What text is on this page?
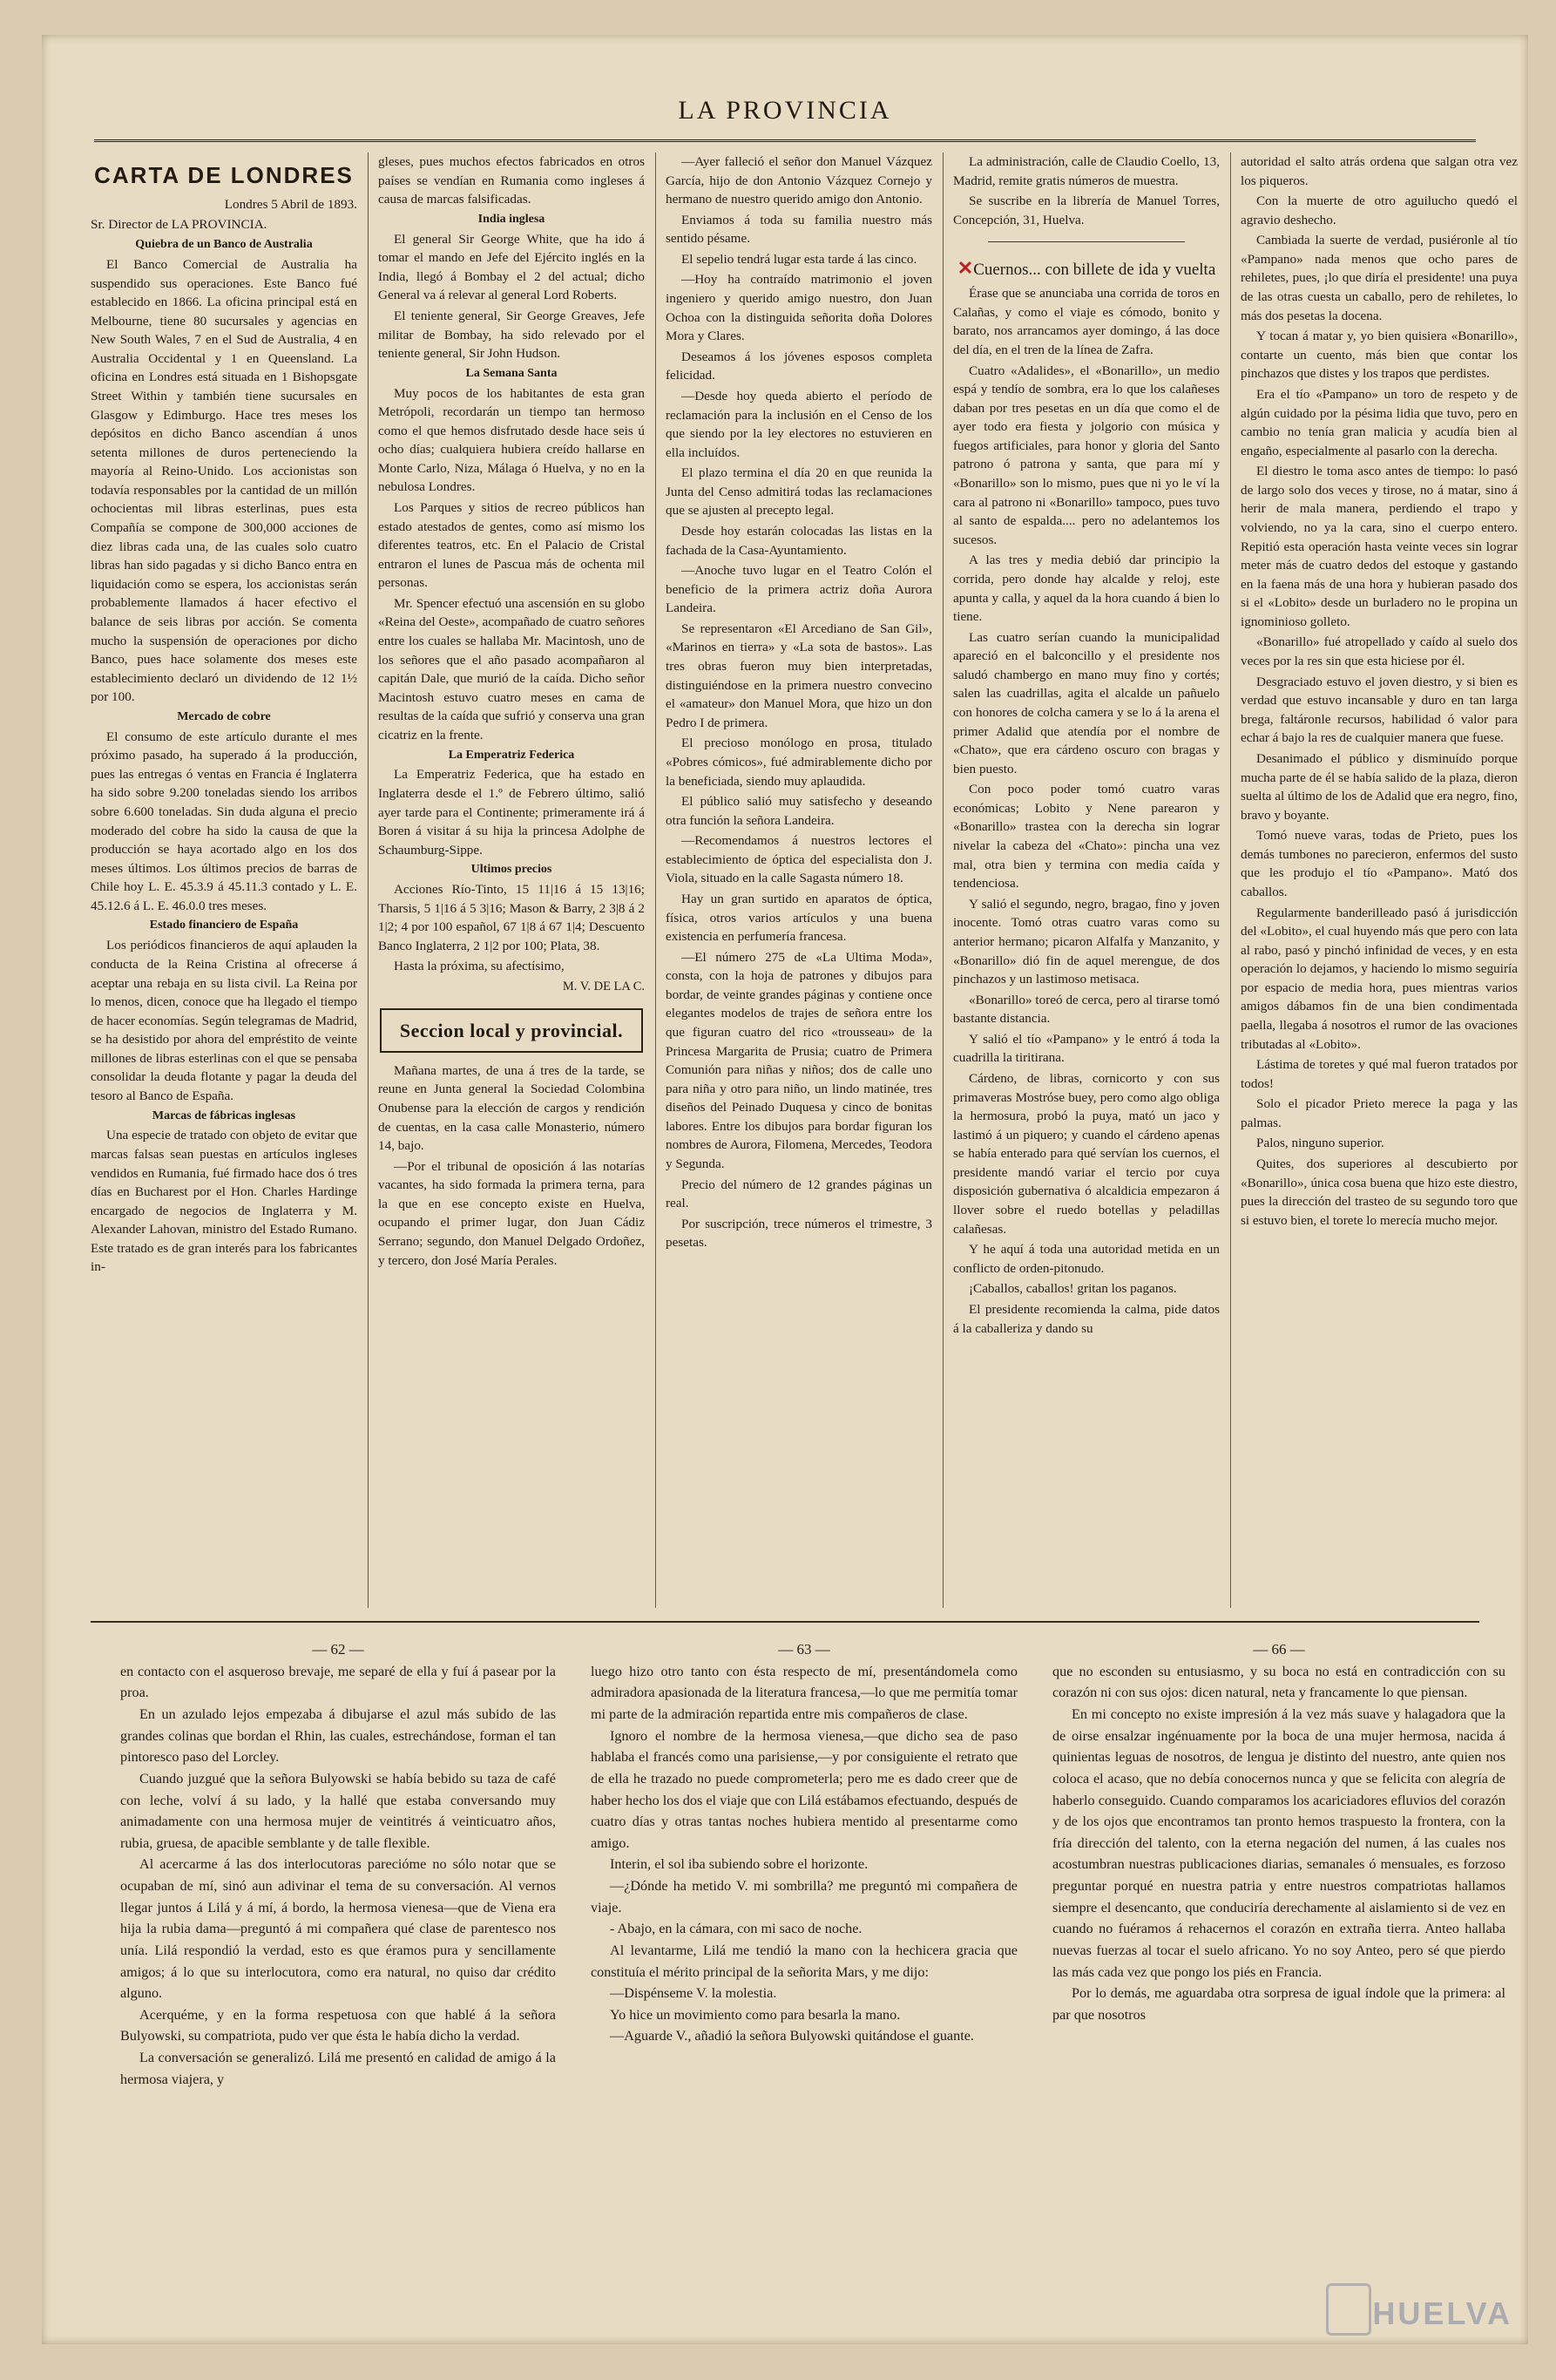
LA PROVINCIA
CARTA DE LONDRES

Londres 5 Abril de 1893.

Sr. Director de LA PROVINCIA.

Quiebra de un Banco de Australia

El Banco Comercial de Australia ha suspendido sus operaciones. Este Banco fué establecido en 1866. La oficina principal está en Melbourne, tiene 80 sucursales y agencias en New South Wales, 7 en el Sud de Australia, 4 en Australia Occidental y 1 en Queensland. La oficina en Londres está situada en 1 Bishopsgate Street Within y también tiene sucursales en Glasgow y Edimburgo. Hace tres meses los depósitos en dicho Banco ascendían á unos setenta millones de duros perteneciendo la mayoría al Reino-Unido. Los accionistas son todavía responsables por la cantidad de un millón ochocientas mil libras esterlinas, pues esta Compañía se compone de 300,000 acciones de diez libras cada una, de las cuales solo cuatro libras han sido pagadas y si dicho Banco entra en liquidación como se espera, los accionistas serán probablemente llamados á hacer efectivo el balance de seis libras por acción. Se comenta mucho la suspensión de operaciones por dicho Banco, pues hace solamente dos meses este establecimiento declaró un dividendo de 12 1½ por 100.

Mercado de cobre

El consumo de este artículo durante el mes próximo pasado, ha superado á la producción, pues las entregas ó ventas en Francia é Inglaterra ha sido sobre 9.200 toneladas siendo los arribos sobre 6.600 toneladas. Sin duda alguna el precio moderado del cobre ha sido la causa de que la producción se haya acortado algo en los dos meses últimos. Los últimos precios de barras de Chile hoy L. E. 45.3.9 á 45.11.3 contado y L. E. 45.12.6 á L. E. 46.0.0 tres meses.

Estado financiero de España

Los periódicos financieros de aquí aplauden la conducta de la Reina Cristina al ofrecerse á aceptar una rebaja en su lista civil. La Reina por lo menos, dicen, conoce que ha llegado el tiempo de hacer economías. Según telegramas de Madrid, se ha desistido por ahora del empréstito de veinte millones de libras esterlinas con el que se pensaba consolidar la deuda flotante y pagar la deuda del tesoro al Banco de España.

Marcas de fábricas inglesas

Una especie de tratado con objeto de evitar que marcas falsas sean puestas en artículos ingleses vendidos en Rumania, fué firmado hace dos ó tres días en Bucharest por el Hon. Charles Hardinge encargado de negocios de Inglaterra y M. Alexander Lahovan, ministro del Estado Rumano. Este tratado es de gran interés para los fabricantes in-

gleses, pues muchos efectos fabricados en otros países se vendían en Rumania como ingleses á causa de marcas falsificadas.

India inglesa

El general Sir George White, que ha ido á tomar el mando en Jefe del Ejército inglés en la India, llegó á Bombay el 2 del actual; dicho General va á relevar al general Lord Roberts.

El teniente general, Sir George Greaves, Jefe militar de Bombay, ha sido relevado por el teniente general, Sir John Hudson.

La Semana Santa

Muy pocos de los habitantes de esta gran Metrópoli, recordarán un tiempo tan hermoso como el que hemos disfrutado desde hace seis ú ocho días; cualquiera hubiera creído hallarse en Monte Carlo, Niza, Málaga ó Huelva, y no en la nebulosa Londres.

Los Parques y sitios de recreo públicos han estado atestados de gentes, como así mismo los diferentes teatros, etc. En el Palacio de Cristal entraron el lunes de Pascua más de ochenta mil personas.

Mr. Spencer efectuó una ascensión en su globo «Reina del Oeste», acompañado de cuatro señores entre los cuales se hallaba Mr. Macintosh, uno de los señores que el año pasado acompañaron al capitán Dale, que murió de la caída. Dicho señor Macintosh estuvo cuatro meses en cama de resultas de la caída que sufrió y conserva una gran cicatriz en la frente.

La Emperatriz Federica

La Emperatriz Federica, que ha estado en Inglaterra desde el 1.º de Febrero último, salió ayer tarde para el Continente; primeramente irá á Boren á visitar á su hija la princesa Adolphe de Schaumburg-Sippe.

Ultimos precios

Acciones Río-Tinto, 15 11|16 á 15 13|16; Tharsis, 5 1|16 á 5 3|16; Mason & Barry, 2 3|8 á 2 1|2; 4 por 100 español, 67 1|8 á 67 1|4; Descuento Banco Inglaterra, 2 1|2 por 100; Plata, 38.

Hasta la próxima, su afectísimo,

M. V. DE LA C.

Seccion local y provincial.

Mañana martes, de una á tres de la tarde, se reune en Junta general la Sociedad Colombina Onubense para la elección de cargos y rendición de cuentas, en la casa calle Monasterio, número 14, bajo.

—Por el tribunal de oposición á las notarías vacantes, ha sido formada la primera terna, para la que en ese concepto existe en Huelva, ocupando el primer lugar, don Juan Cádiz Serrano; segundo, don Manuel Delgado Ordoñez, y tercero, don José María Perales.

—Ayer falleció el señor don Manuel Vázquez García, hijo de don Antonio Vázquez Cornejo y hermano de nuestro querido amigo don Antonio.

Enviamos á toda su familia nuestro más sentido pésame.

El sepelio tendrá lugar esta tarde á las cinco.

—Hoy ha contraído matrimonio el joven ingeniero y querido amigo nuestro, don Juan Ochoa con la distinguida señorita doña Dolores Mora y Clares.

Deseamos á los jóvenes esposos completa felicidad.

—Desde hoy queda abierto el período de reclamación para la inclusión en el Censo de los que siendo por la ley electores no estuvieren en ella incluídos.

El plazo termina el día 20 en que reunida la Junta del Censo admitirá todas las reclamaciones que se ajusten al precepto legal.

Desde hoy estarán colocadas las listas en la fachada de la Casa-Ayuntamiento.

—Anoche tuvo lugar en el Teatro Colón el beneficio de la primera actriz doña Aurora Landeira.

Se representaron «El Arcediano de San Gil», «Marinos en tierra» y «La sota de bastos». Las tres obras fueron muy bien interpretadas, distinguiéndose en la primera nuestro convecino el «amateur» don Manuel Mora, que hizo un don Pedro I de primera.

El precioso monólogo en prosa, titulado «Pobres cómicos», fué admirablemente dicho por la beneficiada, siendo muy aplaudida.

El público salió muy satisfecho y deseando otra función la señora Landeira.

—Recomendamos á nuestros lectores el establecimiento de óptica del especialista don J. Viola, situado en la calle Sagasta número 18.

Hay un gran surtido en aparatos de óptica, física, otros varios artículos y una buena existencia en perfumería francesa.

—El número 275 de «La Ultima Moda», consta, con la hoja de patrones y dibujos para bordar, de veinte grandes páginas y contiene once elegantes modelos de trajes de señora entre los que figuran cuatro del rico «trousseau» de la Princesa Margarita de Prusia; cuatro de Primera Comunión para niñas y niños; dos de calle uno para niña y otro para niño, un lindo matinée, tres diseños del Peinado Duquesa y cinco de bonitas labores. Entre los dibujos para bordar figuran los nombres de Aurora, Filomena, Mercedes, Teodora y Segunda.

Precio del número de 12 grandes páginas un real.

Por suscripción, trece números el trimestre, 3 pesetas.

La administración, calle de Claudio Coello, 13, Madrid, remite gratis números de muestra.

Se suscribe en la librería de Manuel Torres, Concepción, 31, Huelva.

✕Cuernos... con billete de ida y vuelta

Érase que se anunciaba una corrida de toros en Calañas, y como el viaje es cómodo, bonito y barato, nos arrancamos ayer domingo, á las doce del día, en el tren de la línea de Zafra.

Cuatro «Adalides», el «Bonarillo», un medio espá y tendío de sombra, era lo que los calañeses daban por tres pesetas en un día que como el de ayer todo era fiesta y jolgorio con música y fuegos artificiales, para honor y gloria del Santo patrono ó patrona y santa, que para mí y «Bonarillo» son lo mismo, pues que ni yo le ví la cara al patrono ni «Bonarillo» tampoco, pues tuvo al santo de espalda.... pero no adelantemos los sucesos.

A las tres y media debió dar principio la corrida, pero donde hay alcalde y reloj, este apunta y calla, y aquel da la hora cuando á bien lo tiene.

Las cuatro serían cuando la municipalidad apareció en el balconcillo y el presidente nos saludó chambergo en mano muy fino y cortés; salen las cuadrillas, agita el alcalde un pañuelo con honores de colcha camera y se lo á la arena el primer Adalid que atendía por el nombre de «Chato», que era cárdeno oscuro con bragas y bien puesto.

Con poco poder tomó cuatro varas económicas; Lobito y Nene parearon y «Bonarillo» trastea con la derecha sin lograr nivelar la cabeza del «Chato»: pincha una vez mal, otra bien y termina con media caída y tendenciosa.

Y salió el segundo, negro, bragao, fino y joven inocente. Tomó otras cuatro varas como su anterior hermano; picaron Alfalfa y Manzanito, y «Bonarillo» dió fin de aquel merengue, de dos pinchazos y un lastimoso metisaca.

«Bonarillo» toreó de cerca, pero al tirarse tomó bastante distancia.

Y salió el tío «Pampano» y le entró á toda la cuadrilla la tiritirana.

Cárdeno, de libras, cornicorto y con sus primaveras Mostróse buey, pero como algo obliga la hermosura, probó la puya, mató un jaco y lastimó á un piquero; y cuando el cárdeno apenas se había enterado para qué servían los cuernos, el presidente mandó variar el tercio por cuya disposición gubernativa ó alcaldicia empezaron á llover sobre el ruedo botellas y peladillas calañesas.

Y he aquí á toda una autoridad metida en un conflicto de orden-pitonudo.

¡Caballos, caballos! gritan los paganos.

El presidente recomienda la calma, pide datos á la caballeriza y dando su

autoridad el salto atrás ordena que salgan otra vez los piqueros.

Con la muerte de otro aguilucho quedó el agravio deshecho.

Cambiada la suerte de verdad, pusiéronle al tío «Pampano» nada menos que ocho pares de rehiletes, pues, ¡lo que diría el presidente! una puya de las otras cuesta un caballo, pero de rehiletes, lo más dos pesetas la docena.

Y tocan á matar y, yo bien quisiera «Bonarillo», contarte un cuento, más bien que contar los pinchazos que distes y los trapos que perdistes.

Era el tío «Pampano» un toro de respeto y de algún cuidado por la pésima lidia que tuvo, pero en cambio no tenía gran malicia y acudía bien al engaño, especialmente al pasarlo con la derecha.

El diestro le toma asco antes de tiempo: lo pasó de largo solo dos veces y tirose, no á matar, sino á herir de mala manera, perdiendo el trapo y volviendo, no ya la cara, sino el cuerpo entero. Repitió esta operación hasta veinte veces sin lograr meter más de cuatro dedos del estoque y gastando en la faena más de una hora y hubieran pasado dos si el «Lobito» desde un burladero no le propina un ignominioso golleto.

«Bonarillo» fué atropellado y caído al suelo dos veces por la res sin que esta hiciese por él.

Desgraciado estuvo el joven diestro, y si bien es verdad que estuvo incansable y duro en tan larga brega, faltáronle recursos, habilidad ó valor para echar á bajo la res de cualquier manera que fuese.

Desanimado el público y disminuído porque mucha parte de él se había salido de la plaza, dieron suelta al último de los de Adalid que era negro, fino, bravo y boyante.

Tomó nueve varas, todas de Prieto, pues los demás tumbones no parecieron, enfermos del susto que les produjo el tío «Pampano». Mató dos caballos.

Regularmente banderilleado pasó á jurisdicción del «Lobito», el cual huyendo más que pero con lata al rabo, pasó y pinchó infinidad de veces, y en esta operación lo dejamos, y haciendo lo mismo seguiría por espacio de media hora, pues mientras varios amigos dábamos fin de una bien condimentada paella, llegaba á nosotros el rumor de las ovaciones tributadas al «Lobito».

Lástima de toretes y qué mal fueron tratados por todos!

Solo el picador Prieto merece la paga y las palmas.

Palos, ninguno superior.

Quites, dos superiores al descubierto por «Bonarillo», única cosa buena que hizo este diestro, pues la dirección del trasteo de su segundo toro que si estuvo bien, el torete lo merecía mucho mejor.

— 62 —

en contacto con el asqueroso brevaje, me separé de ella y fuí á pasear por la proa.

En un azulado lejos empezaba á dibujarse el azul más subido de las grandes colinas que bordan el Rhin, las cuales, estrechándose, forman el tan pintoresco paso del Lorcley.

Cuando juzgué que la señora Bulyowski se había bebido su taza de café con leche, volví á su lado, y la hallé que estaba conversando muy animadamente con una hermosa mujer de veintitrés á veinticuatro años, rubia, gruesa, de apacible semblante y de talle flexible.

Al acercarme á las dos interlocutoras parecióme no sólo notar que se ocupaban de mí, sinó aun adivinar el tema de su conversación. Al vernos llegar juntos á Lilá y á mí, á bordo, la hermosa vienesa—que de Viena era hija la rubia dama—preguntó á mi compañera qué clase de parentesco nos unía. Lilá respondió la verdad, esto es que éramos pura y sencillamente amigos; á lo que su interlocutora, como era natural, no quiso dar crédito alguno.

Acerquéme, y en la forma respetuosa con que hablé á la señora Bulyowski, su compatriota, pudo ver que ésta le había dicho la verdad.

La conversación se generalizó. Lilá me presentó en calidad de amigo á la hermosa viajera, y

— 63 —

luego hizo otro tanto con ésta respecto de mí, presentándomela como admiradora apasionada de la literatura francesa,—lo que me permitía tomar mi parte de la admiración repartida entre mis compañeros de clase.

Ignoro el nombre de la hermosa vienesa,—que dicho sea de paso hablaba el francés como una parisiense,—y por consiguiente el retrato que de ella he trazado no puede comprometerla; pero me es dado creer que de haber hecho los dos el viaje que con Lilá estábamos efectuando, después de cuatro días y otras tantas noches hubiera mentido al presentarme como amigo.

Interin, el sol iba subiendo sobre el horizonte.

—¿Dónde ha metido V. mi sombrilla? me preguntó mi compañera de viaje.

- Abajo, en la cámara, con mi saco de noche.

Al levantarme, Lilá me tendió la mano con la hechicera gracia que constituía el mérito principal de la señorita Mars, y me dijo:

—Dispénseme V. la molestia.

Yo hice un movimiento como para besarla la mano.

—Aguarde V., añadió la señora Bulyowski quitándose el guante.

— 66 —

que no esconden su entusiasmo, y su boca no está en contradicción con su corazón ni con sus ojos: dicen natural, neta y francamente lo que piensan.

En mi concepto no existe impresión á la vez más suave y halagadora que la de oirse ensalzar ingénuamente por la boca de una mujer hermosa, nacida á quinientas leguas de nosotros, de lengua je distinto del nuestro, ante quien nos coloca el acaso, que no debía conocernos nunca y que se felicita con alegría de haberlo conseguido. Cuando comparamos los acariciadores efluvios del corazón y de los ojos que encontramos tan pronto hemos traspuesto la frontera, con la fría dirección del talento, con la eterna negación del numen, á las cuales nos acostumbran nuestras publicaciones diarias, semanales ó mensuales, es forzoso preguntar porqué en nuestra patria y entre nuestros compatriotas hallamos siempre el desencanto, que conduciría derechamente al aislamiento si de vez en cuando no fuéramos á rehacernos el corazón en extraña tierra. Anteo hallaba nuevas fuerzas al tocar el suelo africano. Yo no soy Anteo, pero sé que pierdo las más cada vez que pongo los piés en Francia.

Por lo demás, me aguardaba otra sorpresa de igual índole que la primera: al par que nosotros

HUELVA
